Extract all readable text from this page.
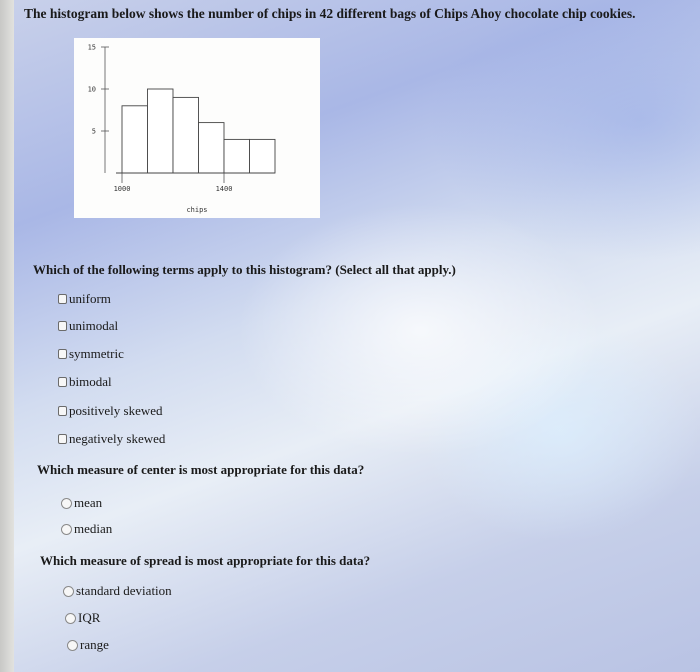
The histogram below shows the number of chips in 42 different bags of Chips Ahoy chocolate chip cookies.
5
10
15
1000	1400
chips
Which of the following terms apply to this histogram? (Select all that apply.)
uniform
unimodal
symmetric
bimodal
positively skewed
negatively skewed
Which measure of center is most appropriate for this data?
mean
median
Which measure of spread is most appropriate for this data?
standard deviation
IQR
range
